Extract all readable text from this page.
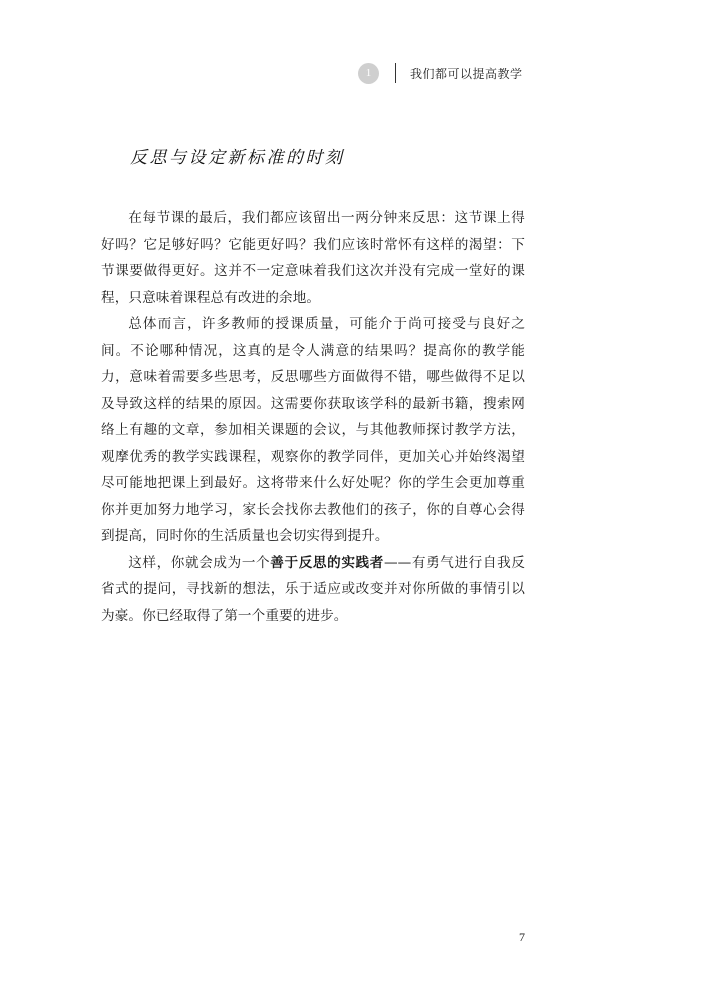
1	我们都可以提高教学
反思与设定新标准的时刻

在每节课的最后，我们都应该留出一两分钟来反思：这节课上得好吗？它足够好吗？它能更好吗？我们应该时常怀有这样的渴望：下节课要做得更好。这并不一定意味着我们这次并没有完成一堂好的课程，只意味着课程总有改进的余地。

总体而言，许多教师的授课质量，可能介于尚可接受与良好之间。不论哪种情况，这真的是令人满意的结果吗？提高你的教学能力，意味着需要多些思考，反思哪些方面做得不错，哪些做得不足以及导致这样的结果的原因。这需要你获取该学科的最新书籍，搜索网络上有趣的文章，参加相关课题的会议，与其他教师探讨教学方法，观摩优秀的教学实践课程，观察你的教学同伴，更加关心并始终渴望尽可能地把课上到最好。这将带来什么好处呢？你的学生会更加尊重你并更加努力地学习，家长会找你去教他们的孩子，你的自尊心会得到提高，同时你的生活质量也会切实得到提升。

这样，你就会成为一个善于反思的实践者——有勇气进行自我反省式的提问，寻找新的想法，乐于适应或改变并对你所做的事情引以为豪。你已经取得了第一个重要的进步。

7
